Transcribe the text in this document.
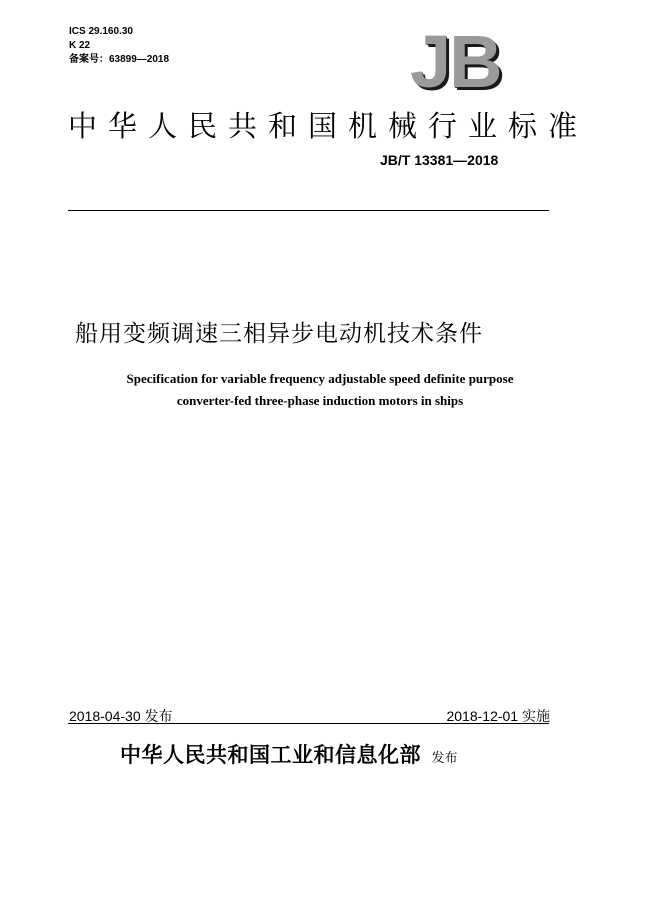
ICS 29.160.30
K 22
备案号：63899—2018	JB
中华人民共和国机械行业标准
JB/T 13381—2018
船用变频调速三相异步电动机技术条件
Specification for variable frequency adjustable speed definite purpose
converter-fed three-phase induction motors in ships
2018-04-30 发布	2018-12-01 实施
中华人民共和国工业和信息化部 发布
